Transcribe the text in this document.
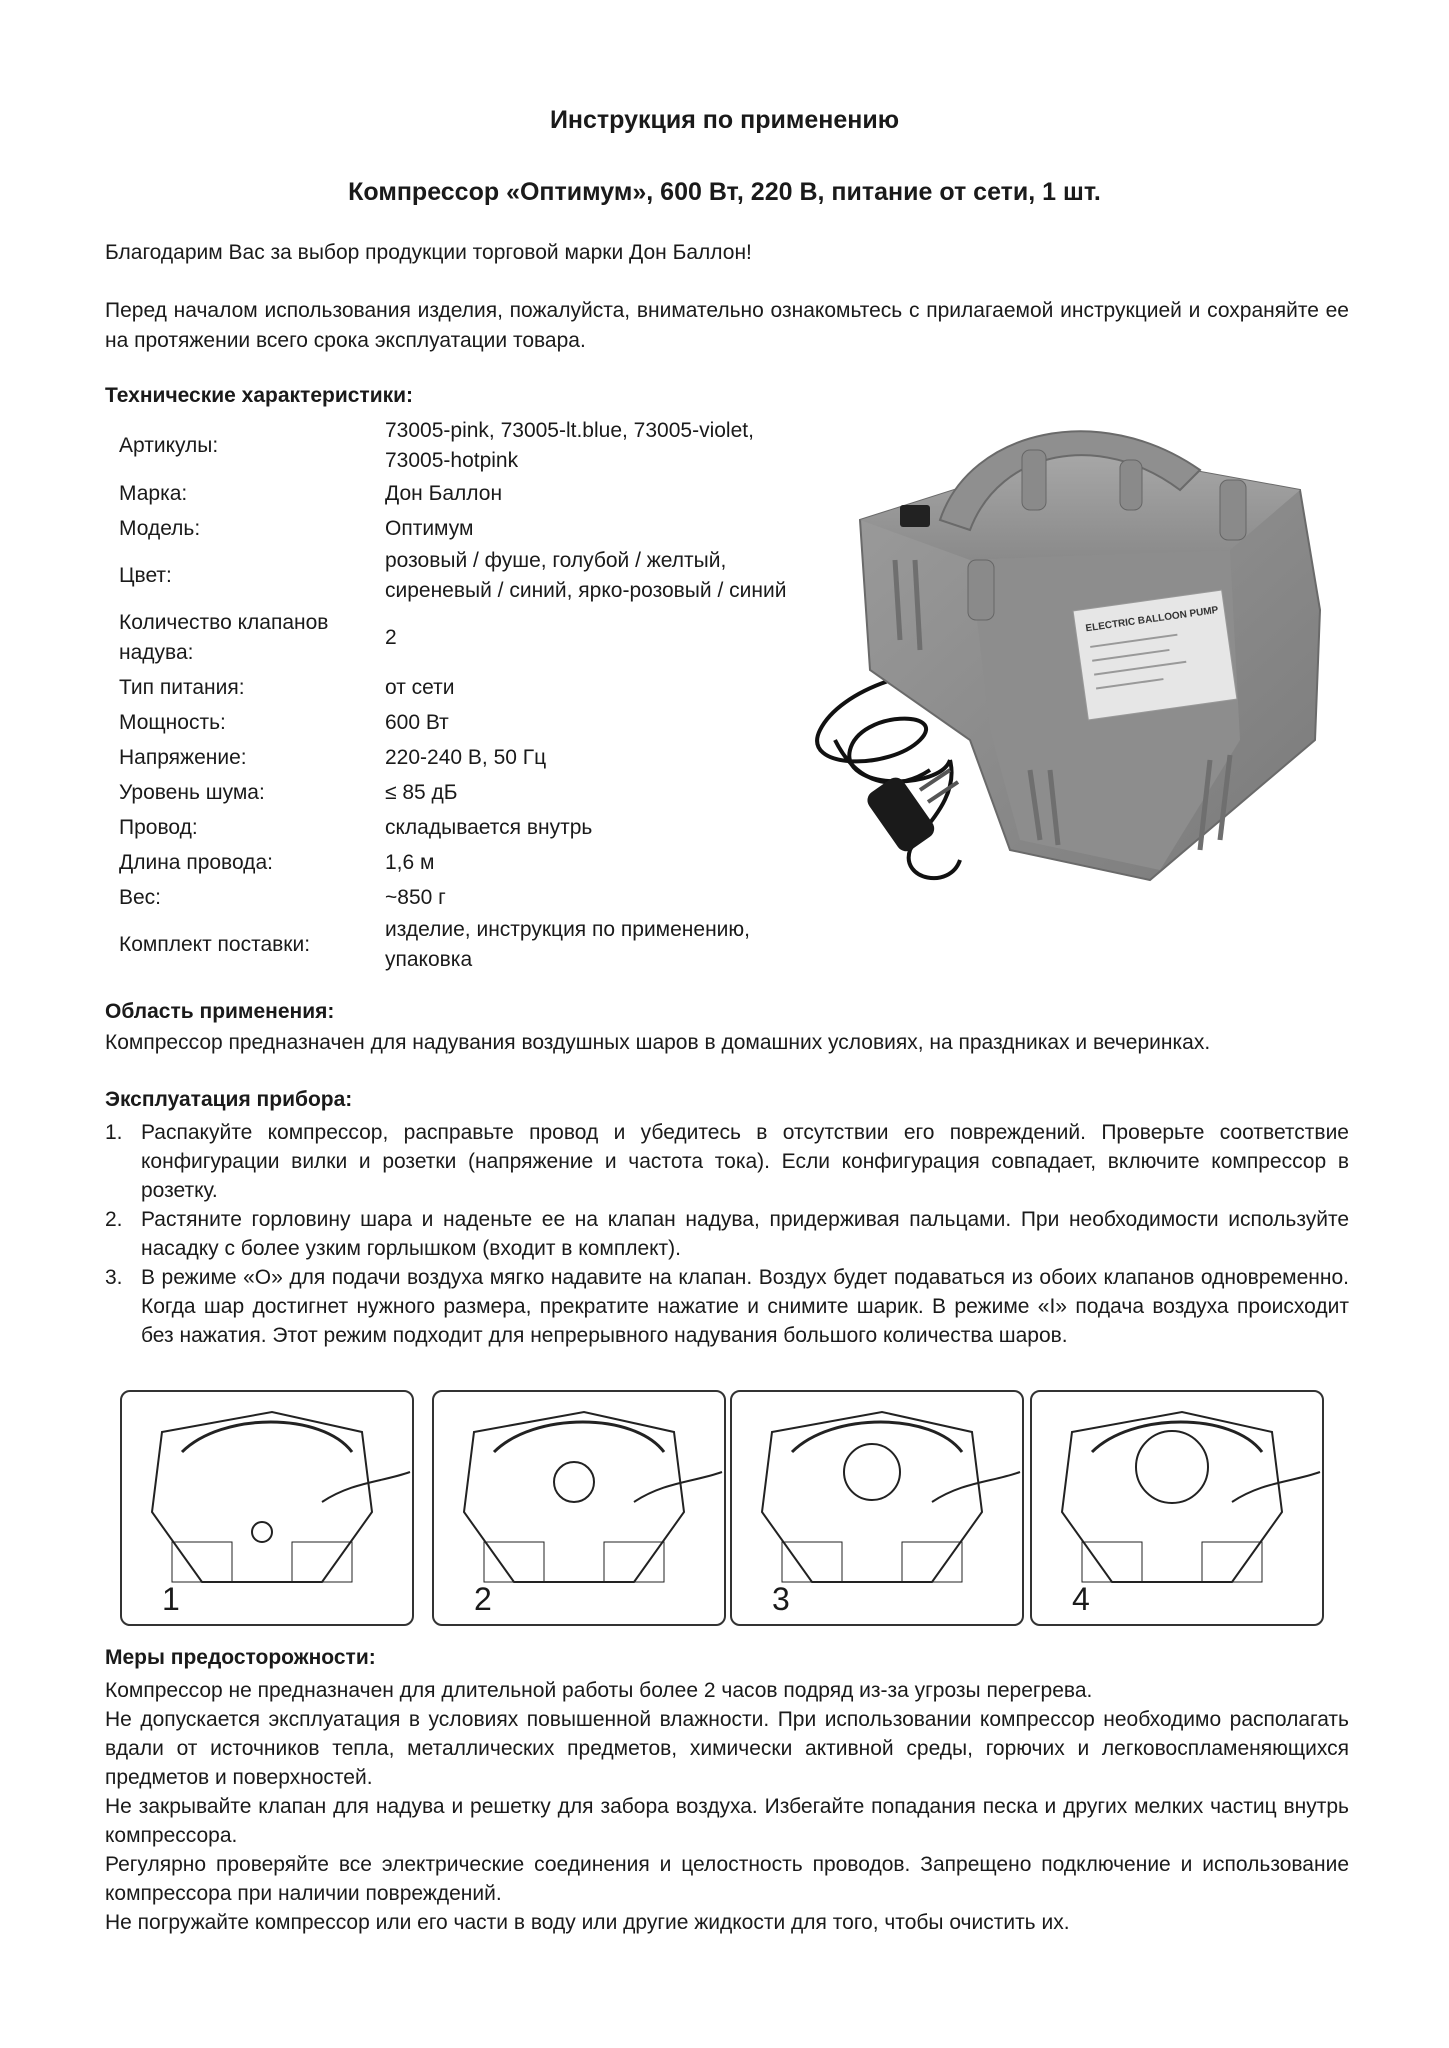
Инструкция по применению
Компрессор «Оптимум», 600 Вт, 220 В, питание от сети, 1 шт.
Благодарим Вас за выбор продукции торговой марки Дон Баллон!
Перед началом использования изделия, пожалуйста, внимательно ознакомьтесь с прилагаемой инструкцией и сохраняйте ее на протяжении всего срока эксплуатации товара.
Технические характеристики:
Артикулы:	73005-pink, 73005-lt.blue, 73005-violet, 73005-hotpink
Марка:	Дон Баллон
Модель:	Оптимум
Цвет:	розовый / фуше, голубой / желтый, сиреневый / синий, ярко-розовый / синий
Количество клапанов надува:	2
Тип питания:	от сети
Мощность:	600 Вт
Напряжение:	220-240 В, 50 Гц
Уровень шума:	≤ 85 дБ
Провод:	складывается внутрь
Длина провода:	1,6 м
Вес:	~850 г
Комплект поставки:	изделие, инструкция по применению, упаковка
ELECTRIC BALLOON PUMP
Область применения:
Компрессор предназначен для надувания воздушных шаров в домашних условиях, на праздниках и вечеринках.
Эксплуатация прибора:
1. Распакуйте компрессор, расправьте провод и убедитесь в отсутствии его повреждений. Проверьте соответствие конфигурации вилки и розетки (напряжение и частота тока). Если конфигурация совпадает, включите компрессор в розетку.
2. Растяните горловину шара и наденьте ее на клапан надува, придерживая пальцами. При необходимости используйте насадку с более узким горлышком (входит в комплект).
3. В режиме «О» для подачи воздуха мягко надавите на клапан. Воздух будет подаваться из обоих клапанов одновременно. Когда шар достигнет нужного размера, прекратите нажатие и снимите шарик. В режиме «I» подача воздуха происходит без нажатия. Этот режим подходит для непрерывного надувания большого количества шаров.
1	2	3	4
Меры предосторожности:

Компрессор не предназначен для длительной работы более 2 часов подряд из-за угрозы перегрева.

Не допускается эксплуатация в условиях повышенной влажности. При использовании компрессор необходимо располагать вдали от источников тепла, металлических предметов, химически активной среды, горючих и легковоспламеняющихся предметов и поверхностей.

Не закрывайте клапан для надува и решетку для забора воздуха. Избегайте попадания песка и других мелких частиц внутрь компрессора.

Регулярно проверяйте все электрические соединения и целостность проводов. Запрещено подключение и использование компрессора при наличии повреждений.

Не погружайте компрессор или его части в воду или другие жидкости для того, чтобы очистить их.
